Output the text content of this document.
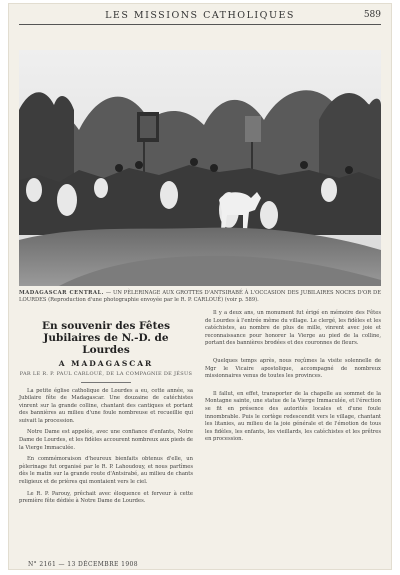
LES MISSIONS CATHOLIQUES	589
MADAGASCAR CENTRAL. — UN PÈLERINAGE AUX GROTTES D'ANTSIRABÉ À L'OCCASION DES JUBILAIRES NOCES D'OR DE LOURDES (Reproduction d'une photographie envoyée par le R. P. CARLOUÉ) (voir p. 589).
En souvenir des Fêtes Jubilaires de N.-D. de Lourdes
A MADAGASCAR
PAR LE R. P. PAUL CARLOUÉ, DE LA COMPAGNIE DE JÉSUS

La petite église catholique de Lourdes a eu, cette année, sa Jubilaire fête de Madagascar. Une douzaine de catéchistes vinrent sur la grande colline, chantant des cantiques et portant des bannières au milieu d'une foule nombreuse et recueillie qui suivait la procession.

Notre Dame est appelée, avec une confiance d'enfants, Notre Dame de Lourdes, et les fidèles accourent nombreux aux pieds de la Vierge Immaculée.

En commémoraison d'heureux bienfaits obtenus d'elle, un pèlerinage fut organisé par le R. P. Lahoudouy, et nous partîmes dès le matin sur la grande route d'Antsirabé, au milieu de chants religieux et de prières qui montaient vers le ciel.

Le R. P. Parouy, prêchait avec éloquence et ferveur à cette première fête dédiée à Notre Dame de Lourdes.

Il y a deux ans, un monument fut érigé en mémoire des Fêtes de Lourdes à l'entrée même du village. Le clergé, les fidèles et les catéchistes, au nombre de plus de mille, vinrent avec joie et reconnaissance pour honorer la Vierge au pied de la colline, portant des bannières brodées et des couronnes de fleurs.

Quelques temps après, nous reçûmes la visite solennelle de Mgr le Vicaire apostolique, accompagné de nombreux missionnaires venus de toutes les provinces.

Il fallut, en effet, transporter de la chapelle au sommet de la Montagne sainte, une statue de la Vierge Immaculée, et l'érection se fit en présence des autorités locales et d'une foule innombrable. Puis le cortège redescendit vers le village, chantant les litanies, au milieu de la joie générale et de l'émotion de tous les fidèles, les enfants, les vieillards, les catéchistes et les prêtres en procession.

N° 2161 — 13 DÉCEMBRE 1908
